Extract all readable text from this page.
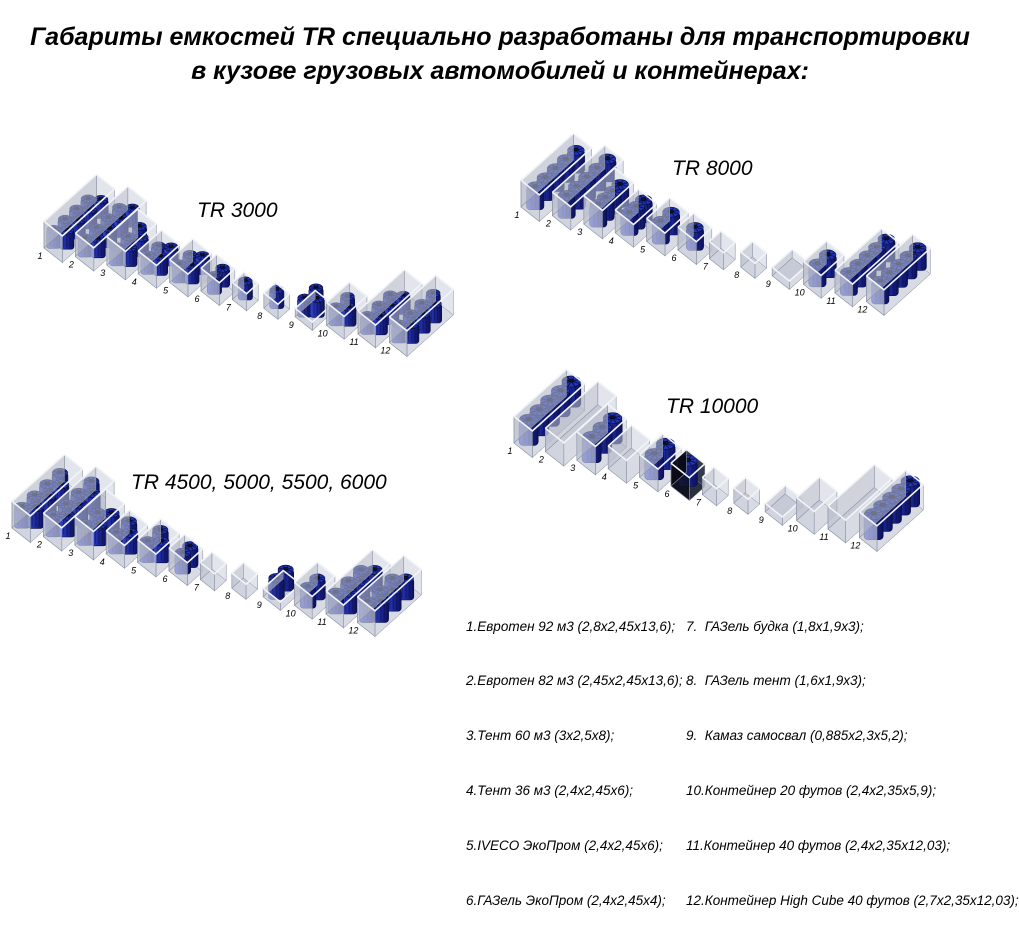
Габариты емкостей TR специально разработаны для транспортировки
в кузове грузовых автомобилей и контейнерах:
1
2
3
4
5
6
7
8
9
10
11
12
1
2
3
4
5
6
7
8
9
10
11
12
1
2
3
4
5
6
7
8
9
10
11
12
1
2
3
4
5
6
7
8
9
10
11
12
TR 3000
TR 8000
TR 4500, 5000, 5500, 6000
TR 10000

1.Евротен 92 м3 (2,8х2,45х13,6);

2.Евротен 82 м3 (2,45х2,45х13,6);

3.Тент 60 м3 (3х2,5х8);

4.Тент 36 м3 (2,4х2,45х6);

5.IVECO ЭкоПром (2,4х2,45х6);

6.ГАЗель ЭкоПром (2,4х2,45х4);

7.  ГАЗель будка (1,8х1,9х3);

8.  ГАЗель тент (1,6х1,9х3);

9.  Камаз самосвал (0,885х2,3х5,2);

10.Контейнер 20 футов (2,4х2,35х5,9);

11.Контейнер 40 футов (2,4х2,35х12,03);

12.Контейнер High Cube 40 футов (2,7х2,35х12,03);
